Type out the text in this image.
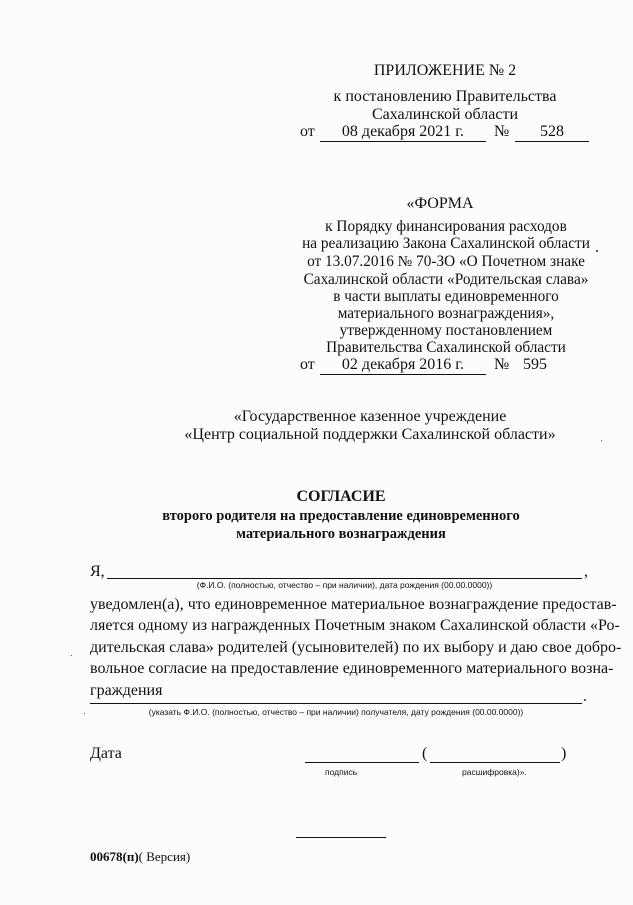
ПРИЛОЖЕНИЕ № 2
к постановлению Правительства
Сахалинской области
от	08 декабря 2021 г.	№	528
«ФОРМА
к Порядку финансирования расходов
на реализацию Закона Сахалинской области
от 13.07.2016 № 70-ЗО «О Почетном знаке
Сахалинской области «Родительская слава»
в части выплаты единовременного
материального вознаграждения»,
утвержденному постановлением
Правительства Сахалинской области
от	02 декабря 2016 г.	№ 595
«Государственное казенное учреждение
«Центр социальной поддержки Сахалинской области»
СОГЛАСИЕ
второго родителя на предоставление единовременного
материального вознаграждения
Я,	,
(Ф.И.О. (полностью, отчество – при наличии), дата рождения (00.00.0000))
уведомлен(а), что единовременное материальное вознаграждение предостав-
ляется одному из награжденных Почетным знаком Сахалинской области «Ро-
дительская слава» родителей (усыновителей) по их выбору и даю свое добро-
вольное согласие на предоставление единовременного материального возна-
граждения	.
(указать Ф.И.О. (полностью, отчество – при наличии) получателя, дату рождения (00.00.0000))
Дата	(	)
подпись	расшифровка)».
00678(п)( Версия)
